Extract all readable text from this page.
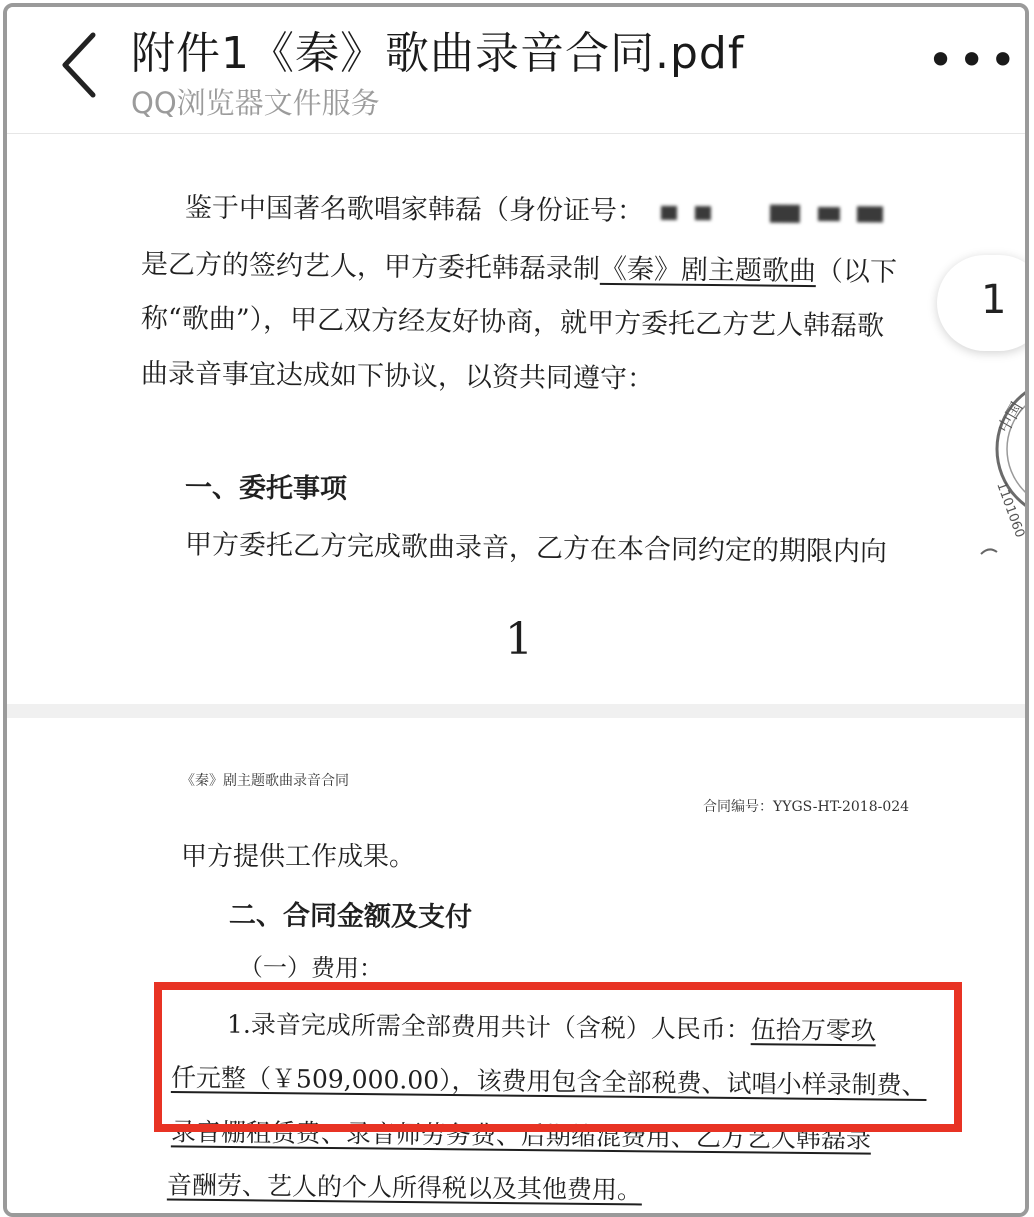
附件1《秦》歌曲录音合同.pdf
QQ浏览器文件服务
•••
鉴于中国著名歌唱家韩磊（身份证号：
是乙方的签约艺人，甲方委托韩磊录制《秦》剧主题歌曲（以下
称“歌曲”），甲乙双方经友好协商，就甲方委托乙方艺人韩磊歌
曲录音事宜达成如下协议，以资共同遵守：
一、委托事项
甲方委托乙方完成歌曲录音，乙方在本合同约定的期限内向
1
中国
1101060
《秦》剧主题歌曲录音合同
合同编号：YYGS-HT-2018-024
甲方提供工作成果。
二、合同金额及支付
（一）费用：
1.录音完成所需全部费用共计（含税）人民币：伍拾万零玖
仟元整（￥509,000.00），该费用包含全部税费、试唱小样录制费、
录音棚租赁费、录音师劳务费、后期缩混费用、乙方艺人韩磊录
音酬劳、艺人的个人所得税以及其他费用。
1
